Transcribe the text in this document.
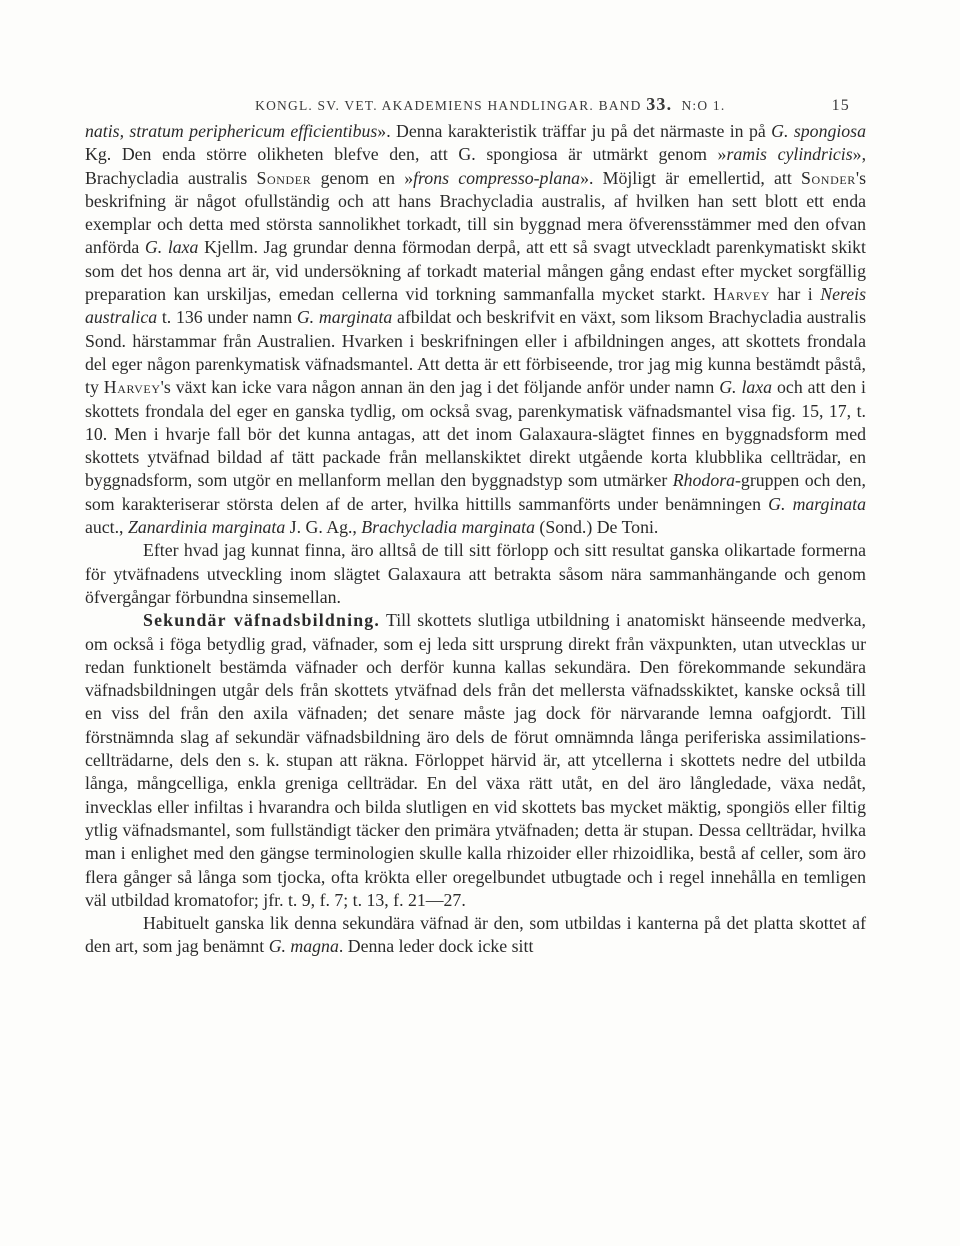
KONGL. SV. VET. AKADEMIENS HANDLINGAR. BAND 33. N:O 1.	15

natis, stratum periphericum efficientibus». Denna karakteristik träffar ju på det närmaste in på G. spongiosa Kg. Den enda större olikheten blefve den, att G. spongiosa är utmärkt genom »ramis cylindricis», Brachycladia australis Sonder genom en »frons compresso-plana». Möjligt är emellertid, att Sonder's beskrifning är något ofullständig och att hans Brachycladia australis, af hvilken han sett blott ett enda exemplar och detta med största sannolikhet torkadt, till sin byggnad mera öfverensstämmer med den ofvan anförda G. laxa Kjellm. Jag grundar denna förmodan derpå, att ett så svagt utveckladt parenkymatiskt skikt som det hos denna art är, vid undersökning af torkadt material mången gång endast efter mycket sorgfällig preparation kan urskiljas, emedan cellerna vid torkning sammanfalla mycket starkt. Harvey har i Nereis australica t. 136 under namn G. marginata afbildat och beskrifvit en växt, som liksom Brachycladia australis Sond. härstammar från Australien. Hvarken i beskrifningen eller i afbildningen anges, att skottets frondala del eger någon parenkymatisk väfnadsmantel. Att detta är ett förbiseende, tror jag mig kunna bestämdt påstå, ty Harvey's växt kan icke vara någon annan än den jag i det följande anför under namn G. laxa och att den i skottets frondala del eger en ganska tydlig, om också svag, parenkymatisk väfnadsmantel visa fig. 15, 17, t. 10. Men i hvarje fall bör det kunna antagas, att det inom Galaxaura-slägtet finnes en byggnadsform med skottets ytväfnad bildad af tätt packade från mellanskiktet direkt utgående korta klubblika cellträdar, en byggnadsform, som utgör en mellanform mellan den byggnadstyp som utmärker Rhodora-gruppen och den, som karakteriserar största delen af de arter, hvilka hittills sammanförts under benämningen G. marginata auct., Zanardinia marginata J. G. Ag., Brachycladia marginata (Sond.) De Toni.

Efter hvad jag kunnat finna, äro alltså de till sitt förlopp och sitt resultat ganska olikartade formerna för ytväfnadens utveckling inom slägtet Galaxaura att betrakta såsom nära sammanhängande och genom öfvergångar förbundna sinsemellan.

Sekundär väfnadsbildning. Till skottets slutliga utbildning i anatomiskt hänseende medverka, om också i föga betydlig grad, väfnader, som ej leda sitt ursprung direkt från växpunkten, utan utvecklas ur redan funktionelt bestämda väfnader och derför kunna kallas sekundära. Den förekommande sekundära väfnadsbildningen utgår dels från skottets ytväfnad dels från det mellersta väfnadsskiktet, kanske också till en viss del från den axila väfnaden; det senare måste jag dock för närvarande lemna oafgjordt. Till förstnämnda slag af sekundär väfnadsbildning äro dels de förut omnämnda långa periferiska assimilations-cellträdarne, dels den s. k. stupan att räkna. Förloppet härvid är, att ytcellerna i skottets nedre del utbilda långa, mångcelliga, enkla greniga cellträdar. En del växa rätt utåt, en del äro långledade, växa nedåt, invecklas eller infiltas i hvarandra och bilda slutligen en vid skottets bas mycket mäktig, spongiös eller filtig ytlig väfnadsmantel, som fullständigt täcker den primära ytväfnaden; detta är stupan. Dessa cellträdar, hvilka man i enlighet med den gängse terminologien skulle kalla rhizoider eller rhizoidlika, bestå af celler, som äro flera gånger så långa som tjocka, ofta krökta eller oregelbundet utbugtade och i regel innehålla en temligen väl utbildad kromatofor; jfr. t. 9, f. 7; t. 13, f. 21—27.

Habituelt ganska lik denna sekundära väfnad är den, som utbildas i kanterna på det platta skottet af den art, som jag benämnt G. magna. Denna leder dock icke sitt
